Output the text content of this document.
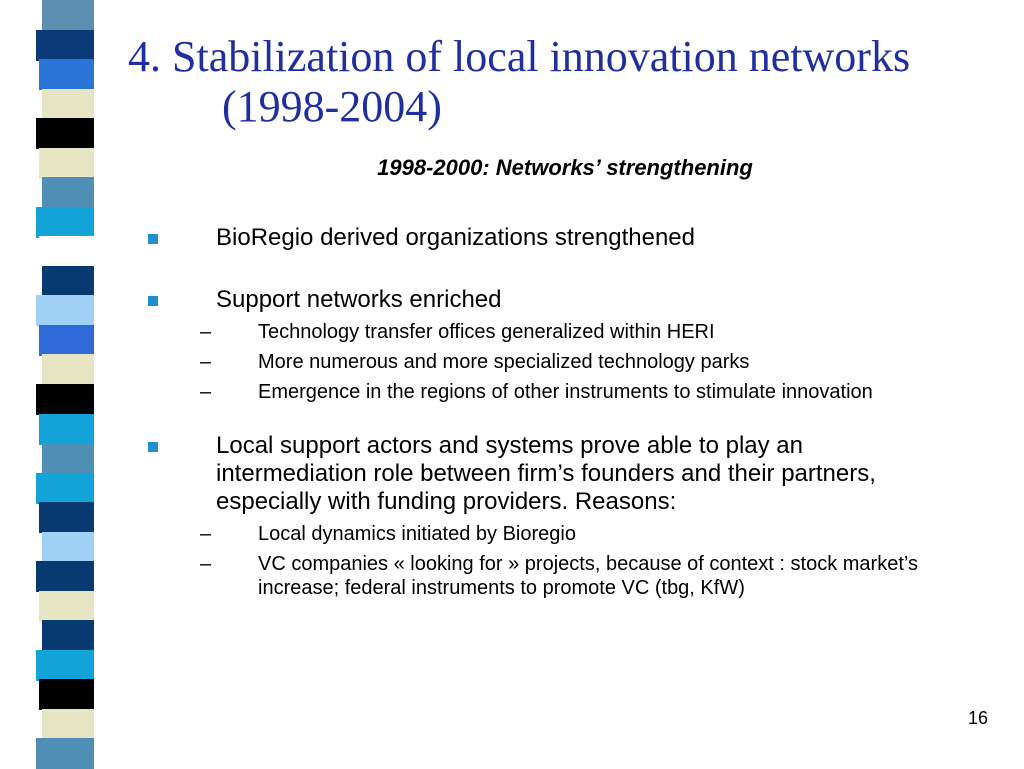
4. Stabilization of local innovation networks
(1998-2004)
1998-2000: Networks’ strengthening
BioRegio derived organizations strengthened
Support networks enriched
– Technology transfer offices generalized within HERI
– More numerous and more specialized technology parks
– Emergence in the regions of other instruments to stimulate innovation
Local support actors and systems prove able to play an intermediation role between firm’s founders and their partners, especially with funding providers. Reasons:
– Local dynamics initiated by Bioregio
– VC companies « looking for » projects, because of context : stock market’s increase; federal instruments to promote VC (tbg, KfW)
16
